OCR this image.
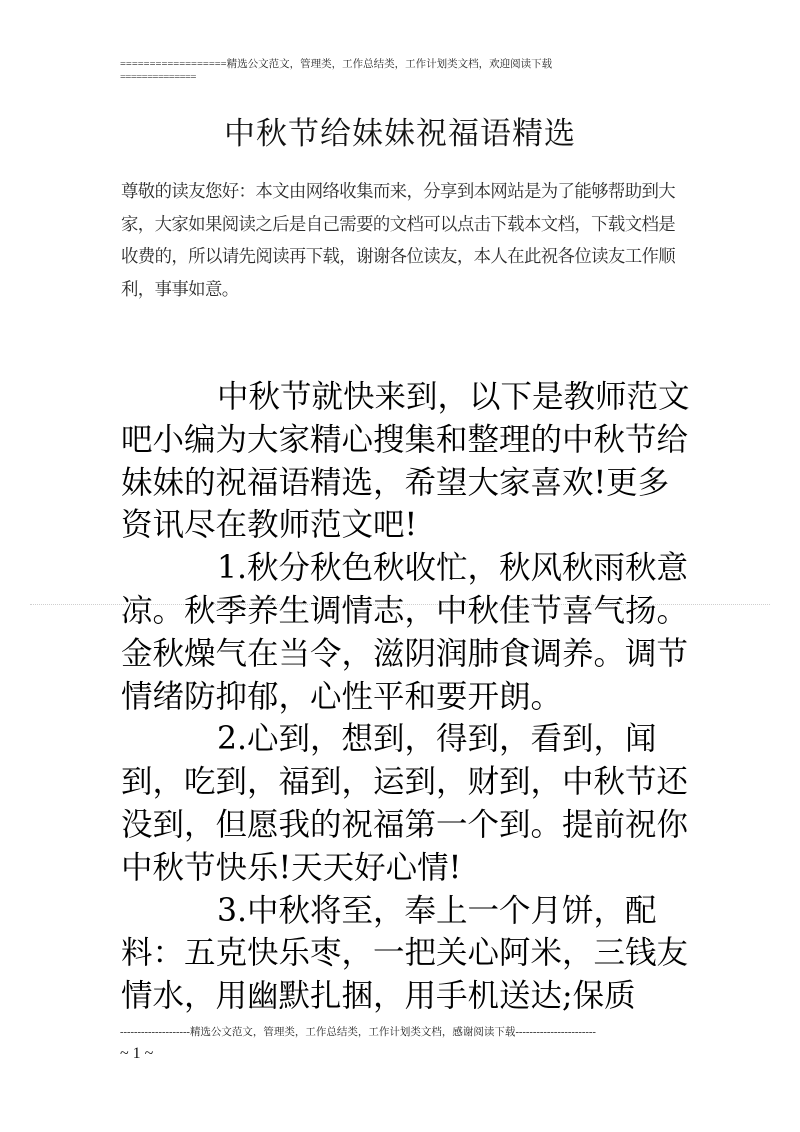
==================精选公文范文，管理类，工作总结类，工作计划类文档，欢迎阅读下载
==============
中秋节给妹妹祝福语精选
尊敬的读友您好：本文由网络收集而来，分享到本网站是为了能够帮助到大家，大家如果阅读之后是自己需要的文档可以点击下载本文档，下载文档是收费的，所以请先阅读再下载，谢谢各位读友，本人在此祝各位读友工作顺利，事事如意。

中秋节就快来到，以下是教师范文吧小编为大家精心搜集和整理的中秋节给妹妹的祝福语精选，希望大家喜欢!更多资讯尽在教师范文吧!

1.秋分秋色秋收忙，秋风秋雨秋意凉。秋季养生调情志，中秋佳节喜气扬。金秋燥气在当令，滋阴润肺食调养。调节情绪防抑郁，心性平和要开朗。

2.心到，想到，得到，看到，闻到，吃到，福到，运到，财到，中秋节还没到，但愿我的祝福第一个到。提前祝你中秋节快乐!天天好心情!

3.中秋将至，奉上一个月饼，配料：五克快乐枣，一把关心阿米，三钱友情水，用幽默扎捆，用手机送达;保质

--------------------精选公文范文，管理类，工作总结类，工作计划类文档，感谢阅读下载-----------------------
~ 1 ~
